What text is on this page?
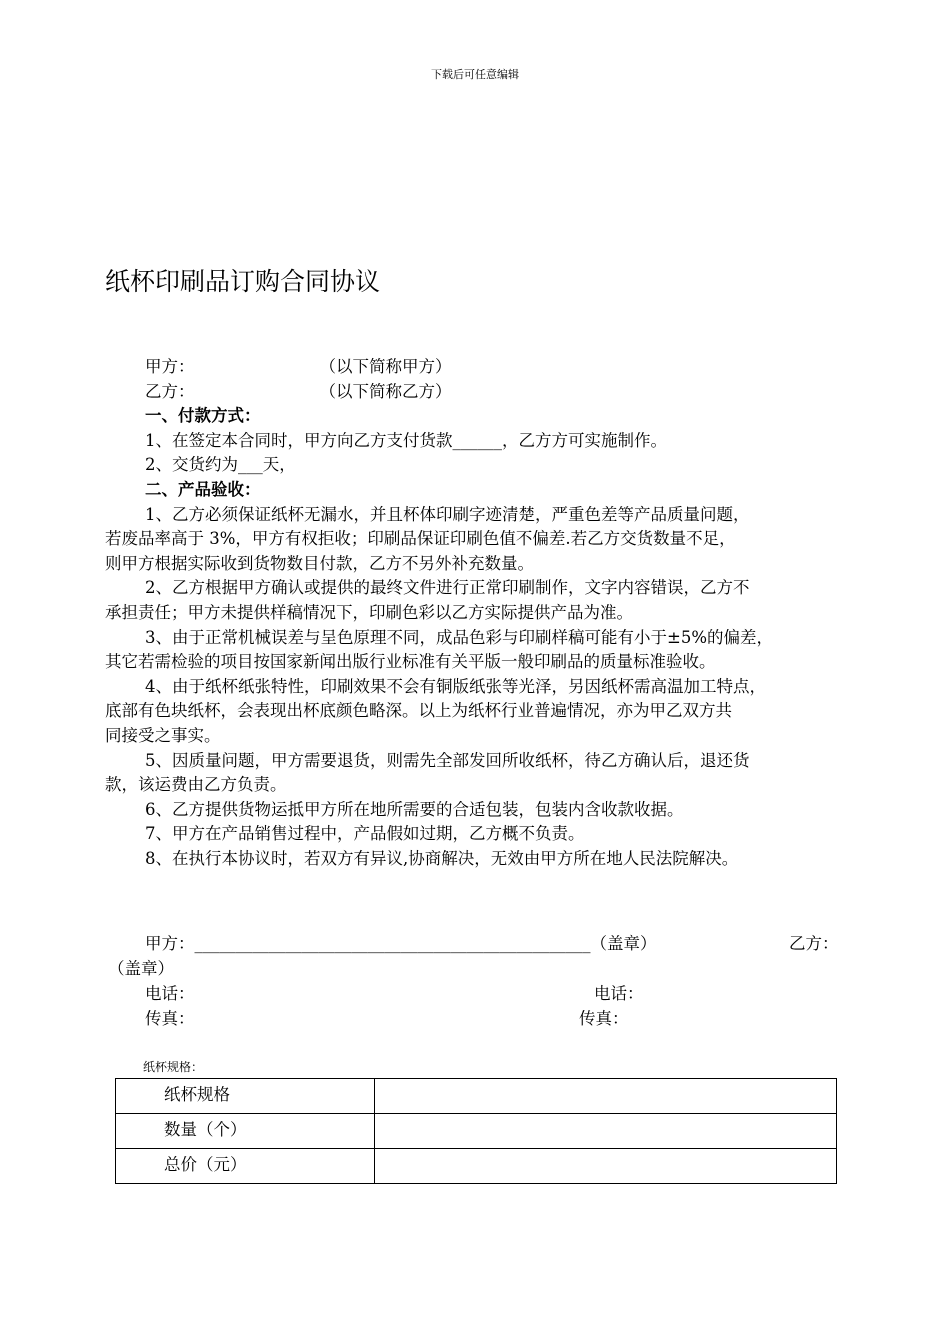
下载后可任意编辑
纸杯印刷品订购合同协议
甲方：	（以下简称甲方）
乙方：	（以下简称乙方）
一、付款方式：
1、在签定本合同时，甲方向乙方支付货款______，乙方方可实施制作。
2、交货约为___天，
二、产品验收：
1、乙方必须保证纸杯无漏水，并且杯体印刷字迹清楚，严重色差等产品质量问题，
若废品率高于 3%，甲方有权拒收；印刷品保证印刷色值不偏差.若乙方交货数量不足，
则甲方根据实际收到货物数目付款，乙方不另外补充数量。
2、乙方根据甲方确认或提供的最终文件进行正常印刷制作，文字内容错误，乙方不
承担责任；甲方未提供样稿情况下，印刷色彩以乙方实际提供产品为准。
3、由于正常机械误差与呈色原理不同，成品色彩与印刷样稿可能有小于±5%的偏差，
其它若需检验的项目按国家新闻出版行业标准有关平版一般印刷品的质量标准验收。
4、由于纸杯纸张特性，印刷效果不会有铜版纸张等光泽，另因纸杯需高温加工特点，
底部有色块纸杯，会表现出杯底颜色略深。以上为纸杯行业普遍情况，亦为甲乙双方共
同接受之事实。
5、因质量问题，甲方需要退货，则需先全部发回所收纸杯，待乙方确认后，退还货
款，该运费由乙方负责。
6、乙方提供货物运抵甲方所在地所需要的合适包装，包装内含收款收据。
7、甲方在产品销售过程中，产品假如过期，乙方概不负责。
8、在执行本协议时，若双方有异议,协商解决，无效由甲方所在地人民法院解决。
甲方：________________________________________________（盖章）	乙方：
（盖章）
电话：	电话：
传真：	传真：
纸杯规格：
纸杯规格	
数量（个）	
总价（元）	
